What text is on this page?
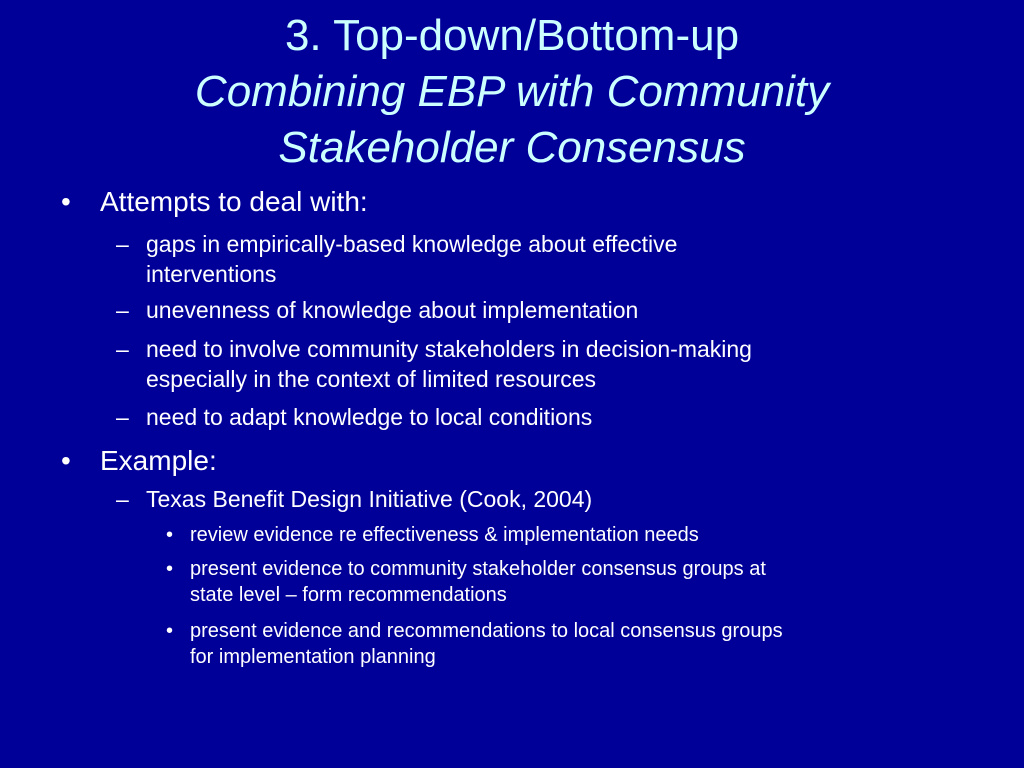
3. Top-down/Bottom-up
Combining EBP with Community
Stakeholder Consensus
• Attempts to deal with:
– gaps in empirically-based knowledge about effective
interventions
– unevenness of knowledge about implementation
– need to involve community stakeholders in decision-making
especially in the context of limited resources
– need to adapt knowledge to local conditions
• Example:
– Texas Benefit Design Initiative (Cook, 2004)
• review evidence re effectiveness & implementation needs
• present evidence to community stakeholder consensus groups at
state level – form recommendations
• present evidence and recommendations to local consensus groups
for implementation planning
